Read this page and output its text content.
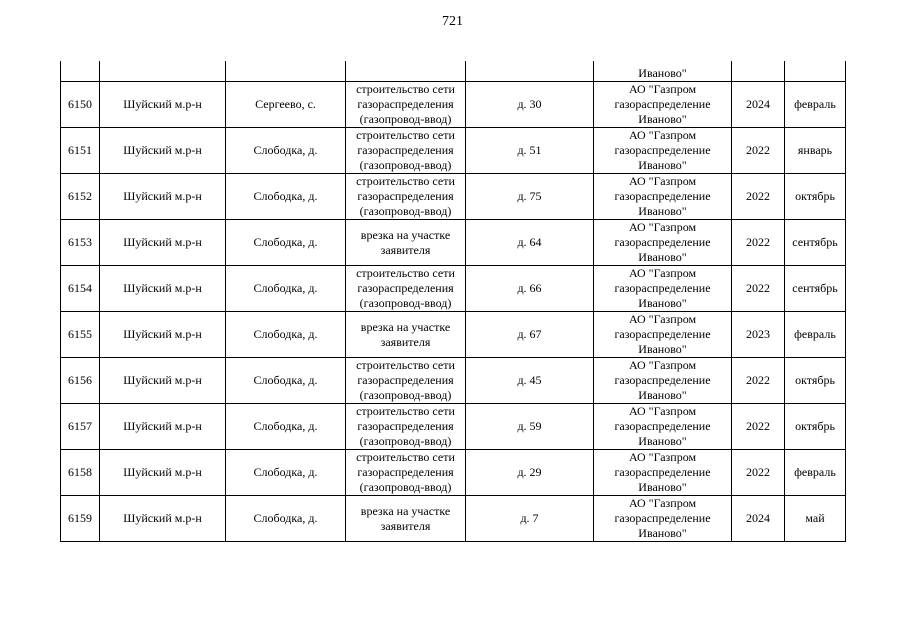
721
					Иваново"		
6150	Шуйский м.р-н	Сергеево, с.	строительство сети
газораспределения
(газопровод-ввод)	д. 30	АО "Газпром
газораспределение
Иваново"	2024	февраль
6151	Шуйский м.р-н	Слободка, д.	строительство сети
газораспределения
(газопровод-ввод)	д. 51	АО "Газпром
газораспределение
Иваново"	2022	январь
6152	Шуйский м.р-н	Слободка, д.	строительство сети
газораспределения
(газопровод-ввод)	д. 75	АО "Газпром
газораспределение
Иваново"	2022	октябрь
6153	Шуйский м.р-н	Слободка, д.	врезка на участке
заявителя	д. 64	АО "Газпром
газораспределение
Иваново"	2022	сентябрь
6154	Шуйский м.р-н	Слободка, д.	строительство сети
газораспределения
(газопровод-ввод)	д. 66	АО "Газпром
газораспределение
Иваново"	2022	сентябрь
6155	Шуйский м.р-н	Слободка, д.	врезка на участке
заявителя	д. 67	АО "Газпром
газораспределение
Иваново"	2023	февраль
6156	Шуйский м.р-н	Слободка, д.	строительство сети
газораспределения
(газопровод-ввод)	д. 45	АО "Газпром
газораспределение
Иваново"	2022	октябрь
6157	Шуйский м.р-н	Слободка, д.	строительство сети
газораспределения
(газопровод-ввод)	д. 59	АО "Газпром
газораспределение
Иваново"	2022	октябрь
6158	Шуйский м.р-н	Слободка, д.	строительство сети
газораспределения
(газопровод-ввод)	д. 29	АО "Газпром
газораспределение
Иваново"	2022	февраль
6159	Шуйский м.р-н	Слободка, д.	врезка на участке
заявителя	д. 7	АО "Газпром
газораспределение
Иваново"	2024	май
